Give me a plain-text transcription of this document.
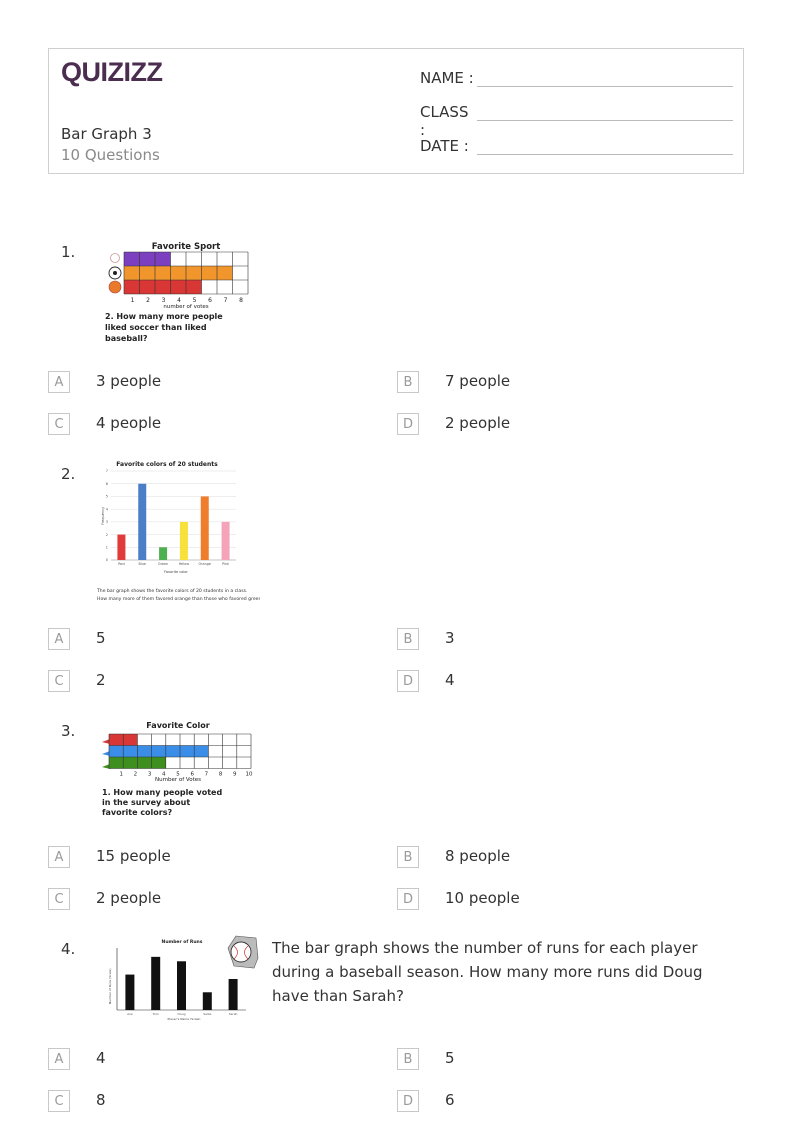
QUIZIZZ
Bar Graph 3
10 Questions
NAME :
CLASS :
DATE :
1.	Favorite Sport
1 2 3 4 5 6 7 8
number of votes
2. How many more people
liked soccer than liked
baseball?
A	3 people	B	7 people
C	4 people	D	2 people
2.
Favorite colors of 20 students
Frequency
0
1
2
3
4
5
6
7
Red	Blue	Green	Yellow	Orange	Pink
Favorite color
The bar graph shows the favorite colors of 20 students in a class.
How many more of them favored orange than those who favored green?
A	5	B	3
C	2	D	4
3.	Favorite Color
1 2 3 4 5 6 7 8 9 10
Number of Votes
1. How many people voted
in the survey about
favorite colors?
A	15 people	B	8 people
C	2 people	D	10 people
4.	Number of Runs
Number of Runs (Scale)
Ava	Tom	Doug	Sallie	Sarah
Player's Name (Scale)
The bar graph shows the number of runs for each player during a baseball season. How many more runs did Doug have than Sarah?
A	4	B	5
C	8	D	6
